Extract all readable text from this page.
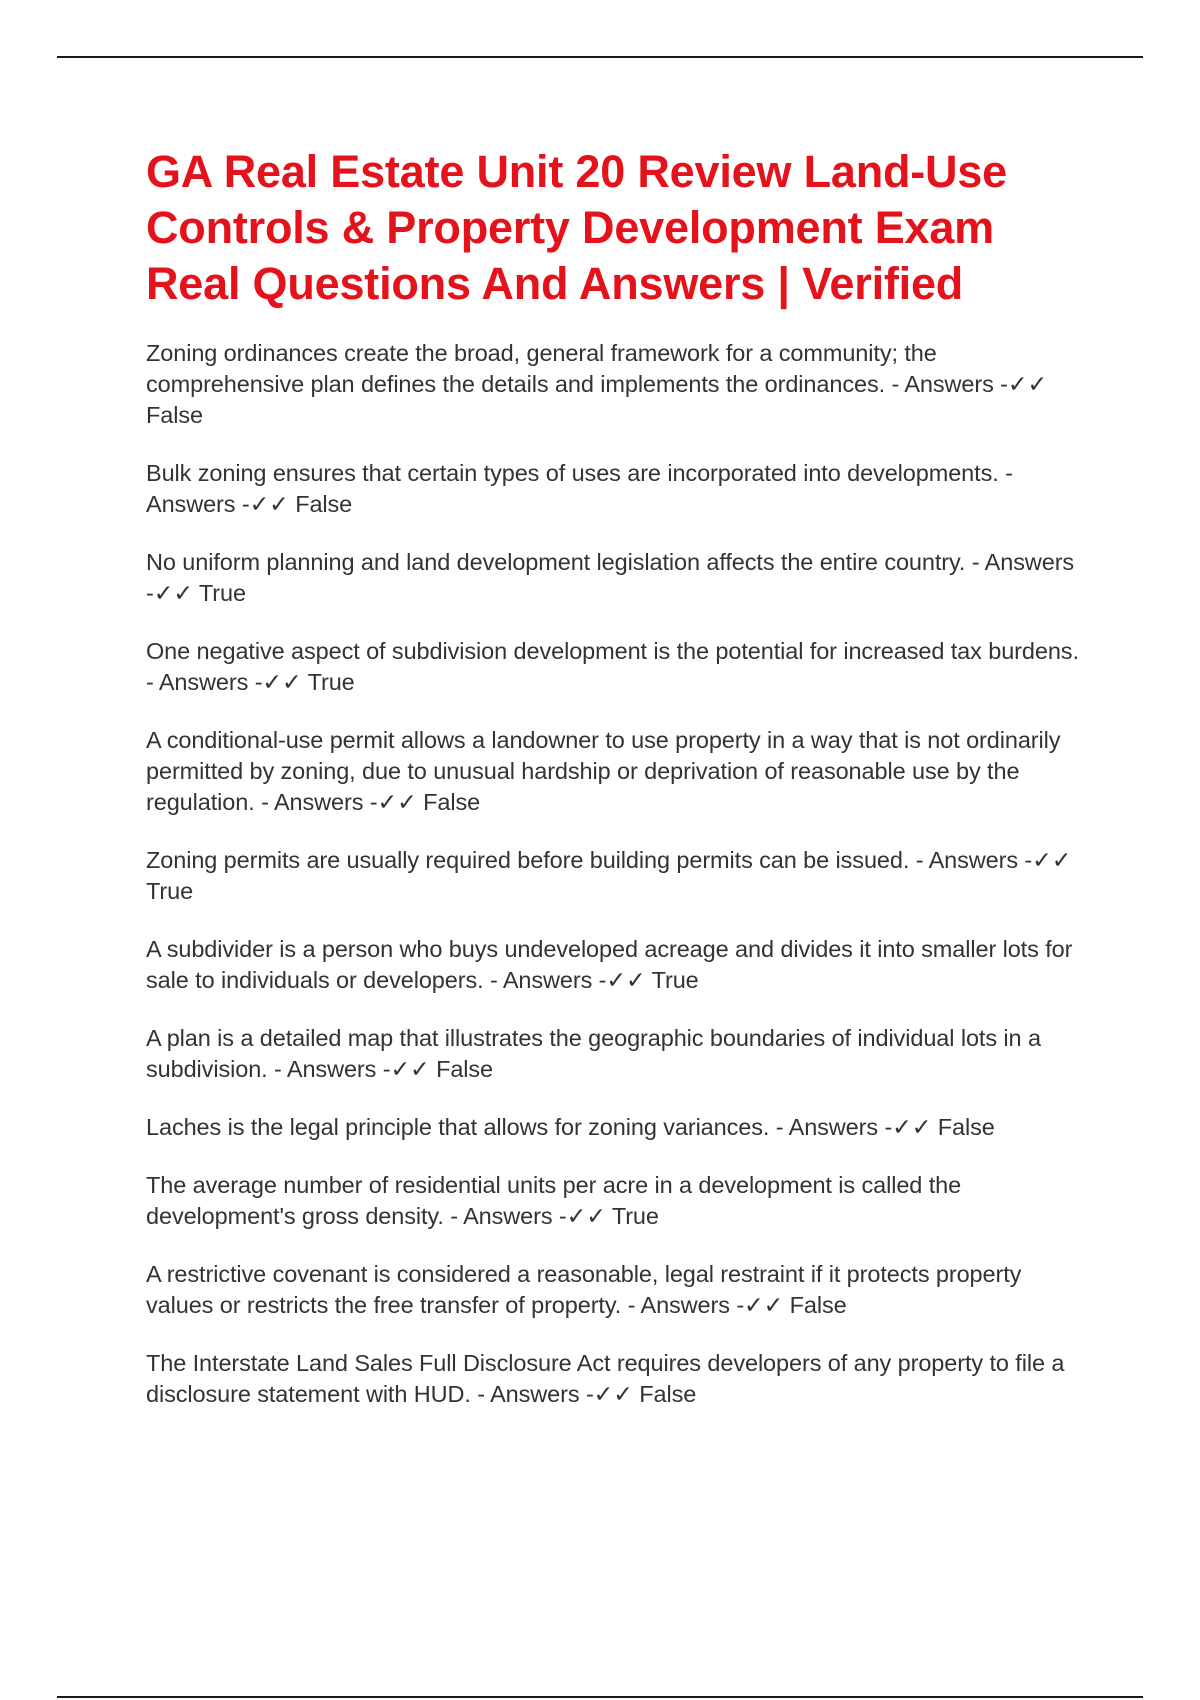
GA Real Estate Unit 20 Review Land-Use Controls & Property Development Exam Real Questions And Answers | Verified
Zoning ordinances create the broad, general framework for a community; the comprehensive plan defines the details and implements the ordinances. - Answers -✓✓ False
Bulk zoning ensures that certain types of uses are incorporated into developments. - Answers -✓✓ False
No uniform planning and land development legislation affects the entire country. - Answers -✓✓ True
One negative aspect of subdivision development is the potential for increased tax burdens. - Answers -✓✓ True
A conditional-use permit allows a landowner to use property in a way that is not ordinarily permitted by zoning, due to unusual hardship or deprivation of reasonable use by the regulation. - Answers -✓✓ False
Zoning permits are usually required before building permits can be issued. - Answers -✓✓ True
A subdivider is a person who buys undeveloped acreage and divides it into smaller lots for sale to individuals or developers. - Answers -✓✓ True
A plan is a detailed map that illustrates the geographic boundaries of individual lots in a subdivision. - Answers -✓✓ False
Laches is the legal principle that allows for zoning variances. - Answers -✓✓ False
The average number of residential units per acre in a development is called the development's gross density. - Answers -✓✓ True
A restrictive covenant is considered a reasonable, legal restraint if it protects property values or restricts the free transfer of property. - Answers -✓✓ False
The Interstate Land Sales Full Disclosure Act requires developers of any property to file a disclosure statement with HUD. - Answers -✓✓ False
